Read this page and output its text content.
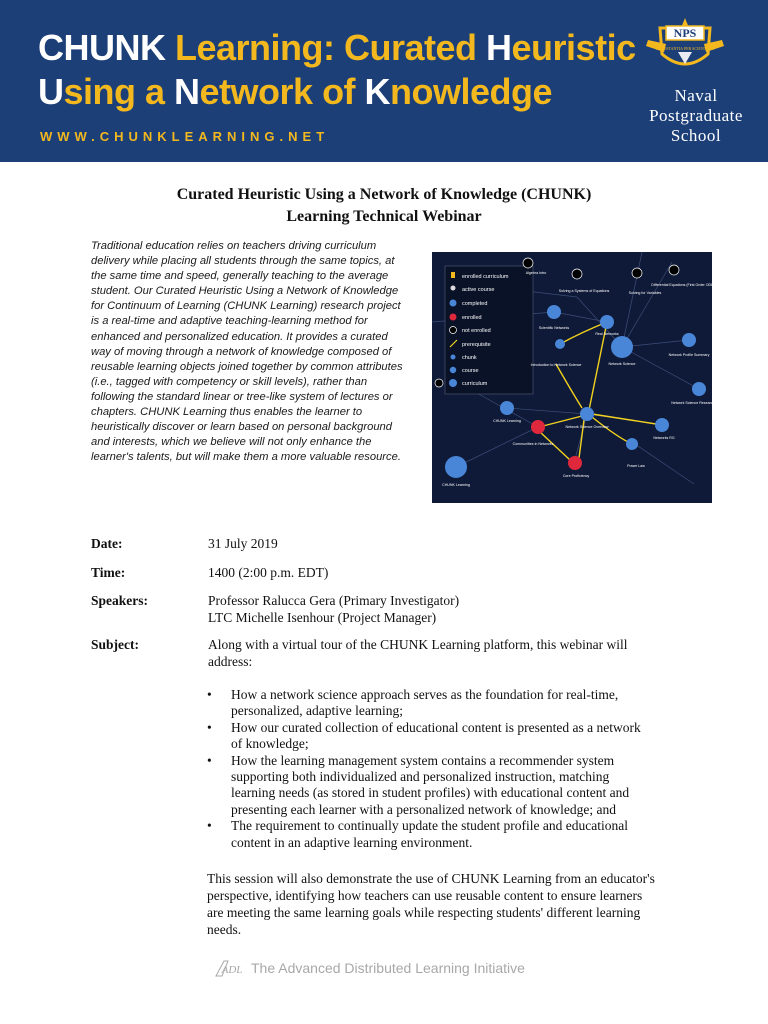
CHUNK Learning: Curated Heuristic
Using a Network of Knowledge
WWW.CHUNKLEARNING.NET
NPS
PRAESTANTIA PER SCIENTIAM
Naval
Postgraduate
School
Curated Heuristic Using a Network of Knowledge (CHUNK)
Learning Technical Webinar
Traditional education relies on teachers driving curriculum delivery while placing all students through the same topics, at the same time and speed, generally teaching to the average student. Our Curated Heuristic Using a Network of Knowledge for Continuum of Learning (CHUNK Learning) research project is a real-time and adaptive teaching-learning method for enhanced and personalized education. It provides a curated way of moving through a network of knowledge composed of reusable learning objects joined together by common attributes (i.e., tagged with competency or skill levels), rather than following the standard linear or tree-like system of lectures or chapters. CHUNK Learning thus enables the learner to heuristically discover or learn based on personal background and interests, which we believe will not only enhance the learner's talents, but will make them a more valuable resource.
enrolled curriculum
active course
completed
enrolled
not enrolled
prerequisite
chunk
course
curriculum
Algebra Intro
Solving a Systems of Equations	Solving for Variables
Differential Equations (First Order ODE)
Scientific Networks
Real Networks
Introduction to Network Science	Network Science
Network Profile Summary
CHUNK Learning
Network Science Overview
Network Science Research Project
Communities in Networks
Networks RG
Core Proficiency
Power Law
CHUNK Learning
Date:	31 July 2019
Time:	1400 (2:00 p.m. EDT)
Speakers:	Professor Ralucca Gera (Primary Investigator)
LTC Michelle Isenhour (Project Manager)
Subject:	Along with a virtual tour of the CHUNK Learning platform, this webinar will address:
• How a network science approach serves as the foundation for real-time, personalized, adaptive learning;
• How our curated collection of educational content is presented as a network of knowledge;
• How the learning management system contains a recommender system supporting both individualized and personalized instruction, matching learning needs (as stored in student profiles) with educational content and presenting each learner with a personalized network of knowledge; and
• The requirement to continually update the student profile and educational content in an adaptive learning environment.
This session will also demonstrate the use of CHUNK Learning from an educator's perspective, identifying how teachers can use reusable content to ensure learners are meeting the same learning goals while respecting students' different learning needs.
ADL The Advanced Distributed Learning Initiative
